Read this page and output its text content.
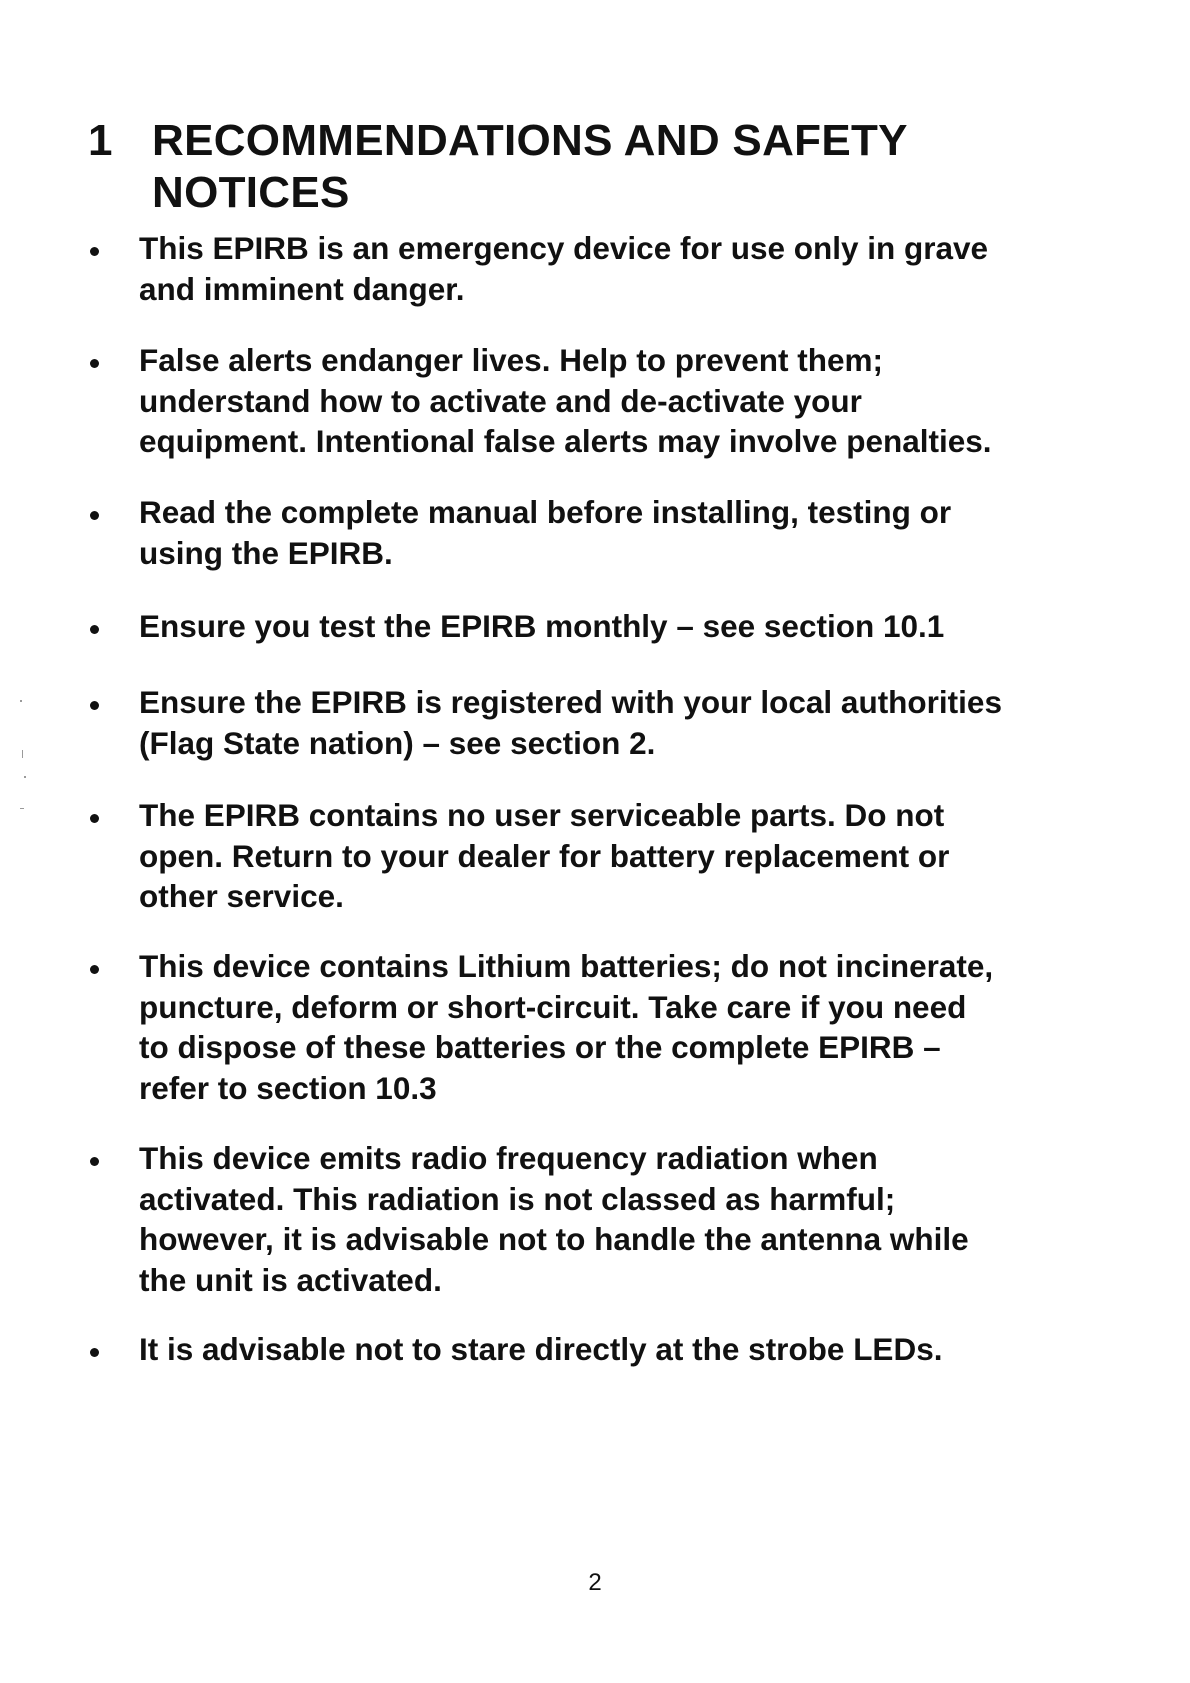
1 RECOMMENDATIONS AND SAFETY
NOTICES
This EPIRB is an emergency device for use only in grave
and imminent danger.
False alerts endanger lives. Help to prevent them;
understand how to activate and de-activate your
equipment. Intentional false alerts may involve penalties.
Read the complete manual before installing, testing or
using the EPIRB.
Ensure you test the EPIRB monthly – see section 10.1
Ensure the EPIRB is registered with your local authorities
(Flag State nation) – see section 2.
The EPIRB contains no user serviceable parts. Do not
open. Return to your dealer for battery replacement or
other service.
This device contains Lithium batteries; do not incinerate,
puncture, deform or short-circuit. Take care if you need
to dispose of these batteries or the complete EPIRB –
refer to section 10.3
This device emits radio frequency radiation when
activated. This radiation is not classed as harmful;
however, it is advisable not to handle the antenna while
the unit is activated.
It is advisable not to stare directly at the strobe LEDs.
2
